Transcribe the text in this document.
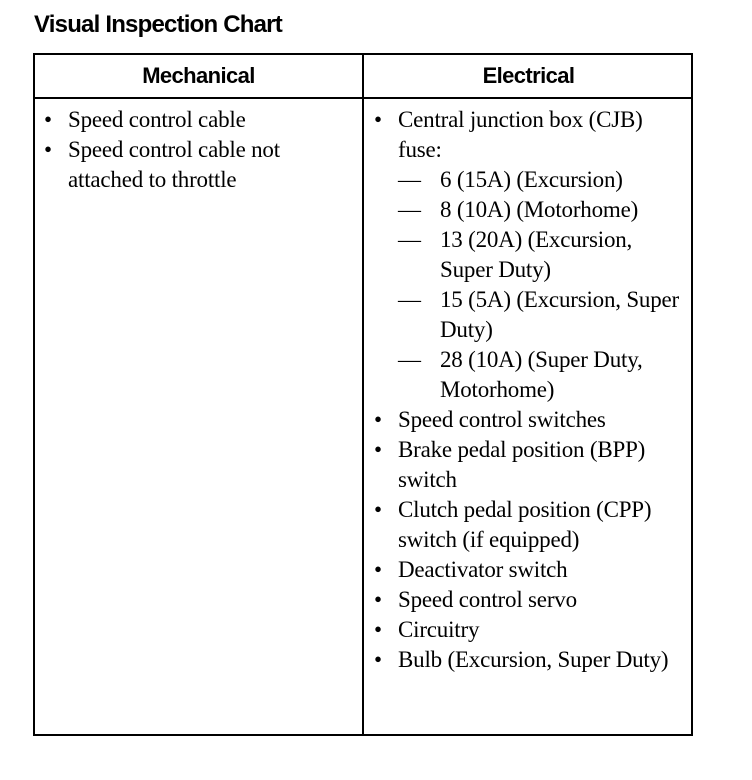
Visual Inspection Chart
Mechanical	Electrical
• Speed control cable
• Speed control cable not attached to throttle
• Central junction box (CJB) fuse:
— 6 (15A) (Excursion)
— 8 (10A) (Motorhome)
— 13 (20A) (Excursion, Super Duty)
— 15 (5A) (Excursion, Super Duty)
— 28 (10A) (Super Duty, Motorhome)
• Speed control switches
• Brake pedal position (BPP) switch
• Clutch pedal position (CPP) switch (if equipped)
• Deactivator switch
• Speed control servo
• Circuitry
• Bulb (Excursion, Super Duty)
